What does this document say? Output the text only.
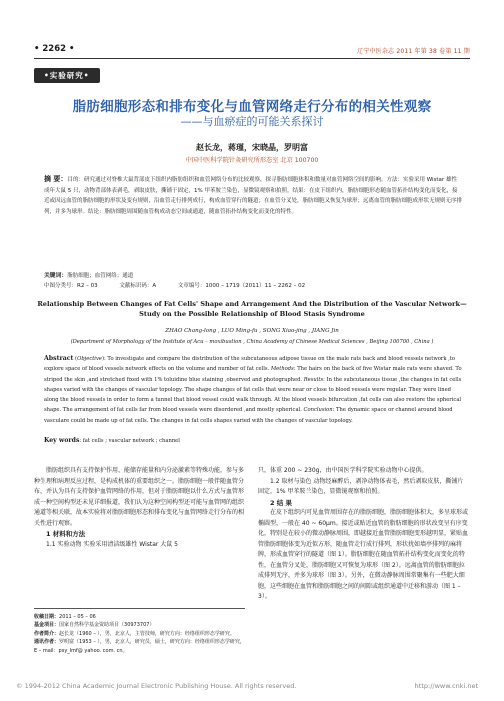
• 2262 •	辽宁中医杂志 2011 年第 38 卷第 11 期
•实验研究•
脂肪细胞形态和排布变化与血管网络走行分布的相关性观察
——与血瘀症的可能关系探讨
赵长龙，蒋瑾，宋晓晶，罗明富
中国中医科学院针灸研究所形态室 北京 100700
摘 要：目的：研究通过对脊椎大鼠背部皮下组织内脂肪组织和血管网络分布的比较观察，探寻脂肪细胞体积和数量对血管网络空间的影响。方法：实验采用 Wistar 雄性成年大鼠 5 只，动物背部体表剥毛，剥取皮肤，撕铺于固定，1% 甲苯胺兰染色，显微镜观察和拍照。结果：在皮下组织内，脂肪细胞形态随血管拓扑结构变化而变化，接近或因远血管的脂肪细胞的形状及变有规则，沿血管走行排列成行，构成血管穿行的隧道；在血管分叉处，脂肪细胞又恢复为球形；远离血管的脂肪细胞成形状无规则无序排列，并多为球形。结论：脂肪细胞周围随血管构成动态空间或通道，随血管拓扑结构变化而变化的特性。
关键词：脂肪细胞；血管网络；通道
中图分类号：R2 – 03	文献标识码：A	文章编号：1000 – 1719（2011）11 – 2262 – 02
Relationship Between Changes of Fat Cells' Shape and Arrangement And the Distribution of the Vascular Network—Study on the Possible Relationship of Blood Stasis Syndrome
ZHAO Chang-long , LUO Ming-fu , SONG Xiao-jing , JIANG Jin
(Department of Morphology of the Institute of Acu – moxibustion , China Academy of Chinese Medical Sciences , Beijing 100700 , China )
Abstract (Objective): To investigate and compare the distribution of the subcutaneous adipose tissue on the male rats back and blood vessels network ,to explore space of blood vessels network effects on the volume and number of fat cells. Methods: The hairs on the back of five Wistar male rats were shaved. To striped the skin ,and stretched fixed with 1% toluidine blue staining ,observed and photographed. Results: In the subcutaneous tissue ,the changes in fat cells shapes varied with the changes of vascular topology. The shape changes of fat cells that were near or close to blood vessels were regular. They were lined along the blood vessels in order to form a tunnel that blood vessel could walk through. At the blood vessels bifurcation ,fat cells can also restore the spherical shape. The arrangement of fat cells far from blood vessels were disordered ,and mostly spherical. Conclusion: The dynamic space or channel around blood vasculare could be made up of fat cells. The changes in fat cells shapes varied with the changes of vascular topology.
Key words: fat cells ; vascular network ; channel

脂肪组织具有支持保护作用、能储存能量和内分泌激素等特殊功能，参与多种生理和病理反应过程，是构成机体的重要组织之一。脂肪细胞一般伴随血管分布，并认为具有支持保护血管网络的作用，但对于脂肪细胞以什么方式与血管形成一种空间构型还未见详细报道，我们认为这种空间构型还可能与血管网的组织通道等相关联，故本实验将对脂肪细胞形态和排布变化与血管网络走行分布的相关性进行观察。

1 材料和方法

1.1 实验动物 实验采用清洁级雄性 Wistar 大鼠 5

只，体重 200 ~ 230g，由中国医学科学院实验动物中心提供。

1.2 取材与染色 动物经麻醉后，剥净动物体表毛，然后剥取皮肤，撕铺片固定，1% 甲苯胺兰染色，显微镜观察和拍照。

2 结 果

在皮下组织内可见血管周围存在的脂肪细胞，脂肪细胞体积大，多呈球形或椭圆型，一般在 40 ~ 60μm。接近或贴近血管的脂肪细胞的形状改变呈有序变化，特别是在较小的微动静脉周围，即越接近血管脂肪细胞变形越明显，紧贴血管脂肪细胞体变为近似方形，随血管走行成行排列，形状扰如墙亭排列的麻将牌，形成血管穿行的隧道（图 1）。脂肪细胞在随血管拓扑结构变化而变化的特性，在血管分叉处，脂肪细胞又可恢复为球形（图 2）。远离血管的脂肪细胞拉成排列无序，并多为球形（图 3）。另外，在微动静脉周围常聚集有一些肥大细胞，这些细胞在血管和脂肪细胞之间的间隙或组织通道中迁移和游动（图 1 – 3）。

收稿日期：2011 – 05 – 06
基金项目：国家自然科学基金资助项目（30973707）
作者简介：赵长龙（1960 – ），男，北京人，主管技师，研究方向：经络组织形态学研究。
通讯作者：罗明富（1953 – ），男，北京人，研究员，硕士，研究方向：经络组织形态学研究，E – mail：psy_lmf@ yahoo. com. cn。
© 1994-2012 China Academic Journal Electronic Publishing House. All rights reserved.	http://www.cnki.net
